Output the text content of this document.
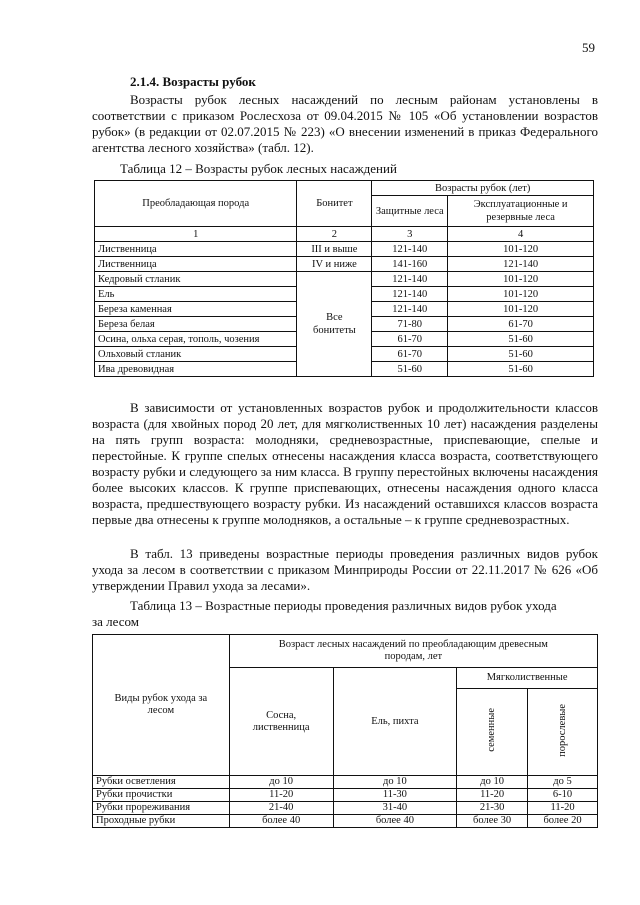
59
2.1.4. Возрасты рубок

Возрасты рубок лесных насаждений по лесным районам установлены в соответствии с приказом Рослесхоза от 09.04.2015 № 105 «Об установлении возрастов рубок» (в редакции от 02.07.2015 № 223) «О внесении изменений в приказ Федерального агентства лесного хозяйства» (табл. 12).

Таблица 12 – Возрасты рубок лесных насаждений
Преобладающая порода	Бонитет	Возрасты рубок (лет)	
		Защитные леса	Эксплуатационные и резервные леса
1	2	3	4
Лиственница	III и выше	121-140	101-120
Лиственница	IV и ниже	141-160	121-140
Кедровый стланик	Все бонитеты	121-140	101-120
Ель		121-140	101-120
Береза каменная		121-140	101-120
Береза белая		71-80	61-70
Осина, ольха серая, тополь, чозения		61-70	51-60
Ольховый стланик		61-70	51-60
Ива древовидная		51-60	51-60

В зависимости от установленных возрастов рубок и продолжительности классов возраста (для хвойных пород 20 лет, для мягколиственных 10 лет) насаждения разделены на пять групп возраста: молодняки, средневозрастные, приспевающие, спелые и перестойные. К группе спелых отнесены насаждения класса возраста, соответствующего возрасту рубки и следующего за ним класса. В группу перестойных включены насаждения более высоких классов. К группе приспевающих, отнесены насаждения одного класса возраста, предшествующего возрасту рубки. Из насаждений оставшихся классов возраста первые два отнесены к группе молодняков, а остальные – к группе средневозрастных.

В табл. 13 приведены возрастные периоды проведения различных видов рубок ухода за лесом в соответствии с приказом Минприроды России от 22.11.2017 № 626 «Об утверждении Правил ухода за лесами».

Таблица 13 – Возрастные периоды проведения различных видов рубок ухода
за лесом
Виды рубок ухода за лесом	Возраст лесных насаждений по преобладающим древесным породам, лет			
	Сосна, лиственница	Ель, пихта	Мягколиственные	
			семенные	порослевые
Рубки осветления	до 10	до 10	до 10	до 5
Рубки прочистки	11-20	11-30	11-20	6-10
Рубки прореживания	21-40	31-40	21-30	11-20
Проходные рубки	более 40	более 40	более 30	более 20
